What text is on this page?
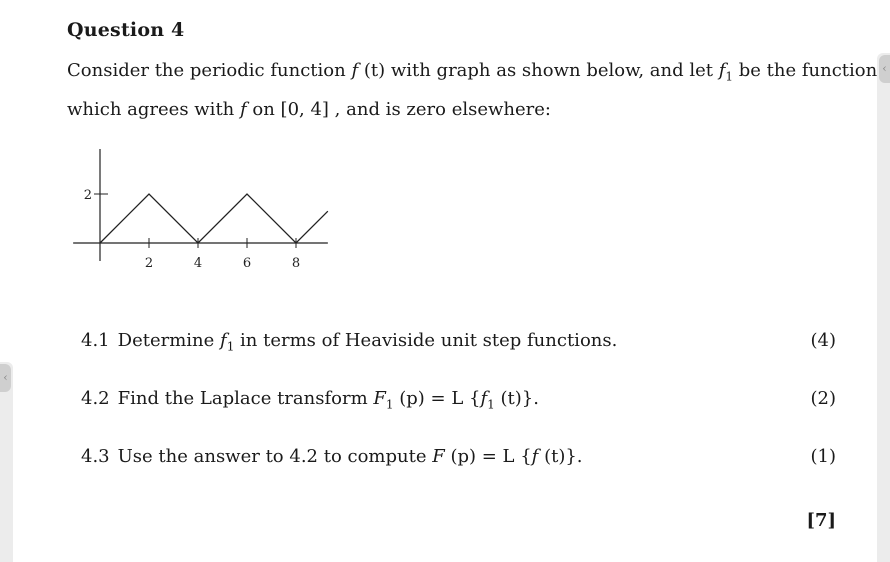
Question 4
Consider the periodic function f (t) with graph as shown below, and let $f_1$ be the function
which agrees with f on [0, 4] , and is zero elsewhere:
2	4	6	8
2
4.1 Determine $f_1$ in terms of Heaviside unit step functions.	(4)
4.2 Find the Laplace transform $F_1$ (p) = L {$f_1$ (t)}.	(2)
4.3 Use the answer to 4.2 to compute F (p) = L {f (t)}.	(1)
[7]
‹
‹
